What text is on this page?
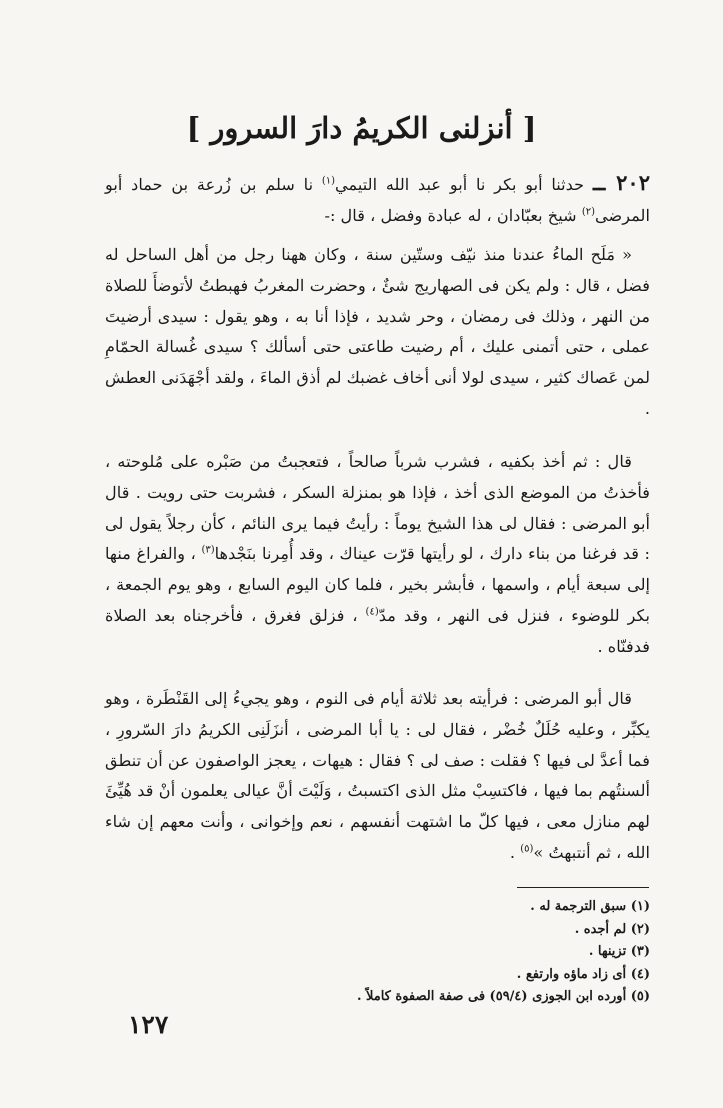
[ أنزلنى الكريمُ دارَ السرور ]

٢٠٢ ــ حدثنا أبو بكر نا أبو عبد الله التيمي$^{(١)}$ نا سلم بن زُرعة بن حماد أبو المرضى$^{(٢)}$ شيخ بعبّادان ، له عبادة وفضل ، قال :-

« مَلَح الماءُ عندنا منذ نيّف وستّين سنة ، وكان ههنا رجل من أهل الساحل له فضل ، قال : ولم يكن فى الصهاريج شئٌ ، وحضرت المغربُ فهبطتُ لأتوضأَ للصلاة من النهر ، وذلك فى رمضان ، وحر شديد ، فإذا أنا به ، وهو يقول : سيدى أرضيتَ عملى ، حتى أتمنى عليك ، أم رضيت طاعتى حتى أسألك ؟ سيدى غُسالة الحمّامِ لمن عَصاك كثير ، سيدى لولا أنى أخاف غضبك لم أذق الماءَ ، ولقد أجْهَدَنى العطش .

قال : ثم أخذ بكفيه ، فشرب شرباً صالحاً ، فتعجبتُ من صَبْره على مُلوحته ، فأخذتُ من الموضع الذى أخذ ، فإذا هو بمنزلة السكر ، فشربت حتى رويت . قال أبو المرضى : فقال لى هذا الشيخ يوماً : رأيتُ فيما يرى النائم ، كأن رجلاً يقول لى : قد فرغنا من بناء دارك ، لو رأيتها قرّت عيناك ، وقد أُمِرنا بنَجْدها$^{(٣)}$ ، والفراغ منها إلى سبعة أيام ، واسمها ، فأبشر بخير ، فلما كان اليوم السابع ، وهو يوم الجمعة ، بكر للوضوء ، فنزل فى النهر ، وقد مدّ$^{(٤)}$ ، فزلق فغرق ، فأخرجناه بعد الصلاة فدفنّاه .

قال أبو المرضى : فرأيته بعد ثلاثة أيام فى النوم ، وهو يجيءُ إلى القَنْطَرة ، وهو يكبِّر ، وعليه حُلَلٌ خُضْر ، فقال لى : يا أبا المرضى ، أنزَلَنِى الكريمُ دارَ السّرورِ ، فما أعدَّ لى فيها ؟ فقلت : صف لى ؟ فقال : هيهات ، يعجز الواصفون عن أن تنطق ألسنتُهم بما فيها ، فاكتسِبْ مثل الذى اكتسبتُ ، وَلَيْتَ أنَّ عيالى يعلمون أنْ قد هُيِّئَ لهم منازل معى ، فيها كلّ ما اشتهت أنفسهم ، نعم وإخوانى ، وأنت معهم إن شاء الله ، ثم أنتبهتُ »$^{(٥)}$ .

(١) سبق الترجمة له .
(٢) لم أجده .
(٣) تزينها .
(٤) أى زاد ماؤه وارتفع .
(٥) أورده ابن الجوزى (٥٩/٤) فى صفة الصفوة كاملاً .
١٢٧
